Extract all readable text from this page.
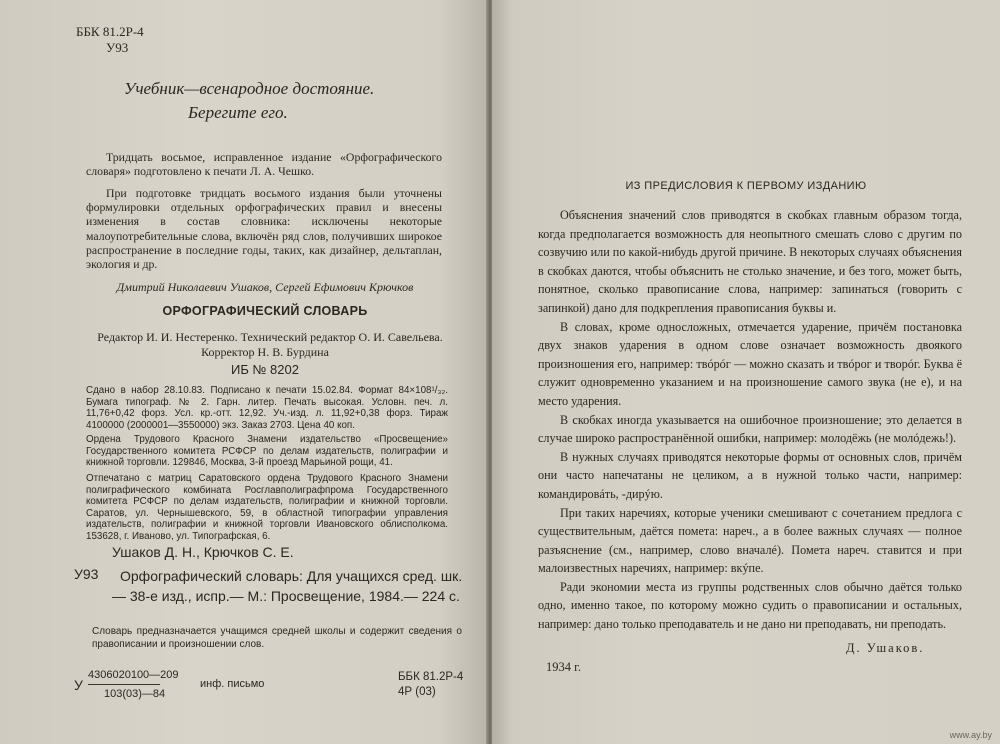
ББК 81.2Р-4
У93
Учебник—всенародное достояние.
Берегите его.
Тридцать восьмое, исправленное издание «Орфографического словаря» подготовлено к печати Л. А. Чешко.
При подготовке тридцать восьмого издания были уточнены формулировки отдельных орфографических правил и внесены изменения в состав словника: исключены некоторые малоупотребительные слова, включён ряд слов, получивших широкое распространение в последние годы, таких, как дизайнер, дельтаплан, экология и др.
Дмитрий Николаевич Ушаков, Сергей Ефимович Крючков
ОРФОГРАФИЧЕСКИЙ СЛОВАРЬ
Редактор И. И. Нестеренко. Технический редактор О. И. Савельева.
Корректор Н. В. Бурдина
ИБ № 8202
Сдано в набор 28.10.83. Подписано к печати 15.02.84. Формат 84×108¹/₃₂. Бумага типограф. № 2. Гарн. литер. Печать высокая. Условн. печ. л. 11,76+0,42 форз. Усл. кр.-отт. 12,92. Уч.-изд. л. 11,92+0,38 форз. Тираж 4100000 (2000001—3550000) экз. Заказ 2703. Цена 40 коп.
Ордена Трудового Красного Знамени издательство «Просвещение» Государственного комитета РСФСР по делам издательств, полиграфии и книжной торговли. 129846, Москва, 3-й проезд Марьиной рощи, 41.
Отпечатано с матриц Саратовского ордена Трудового Красного Знамени полиграфического комбината Росглавполиграфпрома Государственного комитета РСФСР по делам издательств, полиграфии и книжной торговли. Саратов, ул. Чернышевского, 59, в областной типографии управления издательств, полиграфии и книжной торговли Ивановского облисполкома. 153628, г. Иваново, ул. Типографская, 6.
Ушаков Д. Н., Крючков С. Е.
У93	Орфографический словарь: Для учащихся сред. шк.— 38-е изд., испр.— М.: Просвещение, 1984.— 224 с.
Словарь предназначается учащимся средней школы и содержит сведения о правописании и произношении слов.
У
4306020100—209
103(03)—84
инф. письмо
ББК 81.2Р-4
4Р (03)
ИЗ ПРЕДИСЛОВИЯ К ПЕРВОМУ ИЗДАНИЮ

Объяснения значений слов приводятся в скобках главным образом тогда, когда предполагается возможность для неопытного смешать слово с другим по созвучию или по какой-нибудь другой причине. В некоторых случаях объяснения в скобках даются, чтобы объяснить не столько значение, и без того, может быть, понятное, сколько правописание слова, например: запинаться (говорить с запинкой) дано для подкрепления правописания буквы и.

В словах, кроме односложных, отмечается ударение, причём постановка двух знаков ударения в одном слове означает возможность двоякого произношения его, например: твóрóг — можно сказать и твóрог и творóг. Буква ё служит одновременно указанием и на произношение самого звука (не е), и на место ударения.

В скобках иногда указывается на ошибочное произношение; это делается в случае широко распространённой ошибки, например: молодёжь (не молóдежь!).

В нужных случаях приводятся некоторые формы от основных слов, причём они часто напечатаны не целиком, а в нужной только части, например: командировáть, -дирýю.

При таких наречиях, которые ученики смешивают с сочетанием предлога с существительным, даётся помета: нареч., а в более важных случаях — полное разъяснение (см., например, слово вначалé). Помета нареч. ставится и при малоизвестных наречиях, например: вкýпе.

Ради экономии места из группы родственных слов обычно даётся только одно, именно такое, по которому можно судить о правописании и остальных, например: дано только преподаватель и не дано ни преподавать, ни преподать.

Д. Ушаков.
1934 г.
www.ay.by
